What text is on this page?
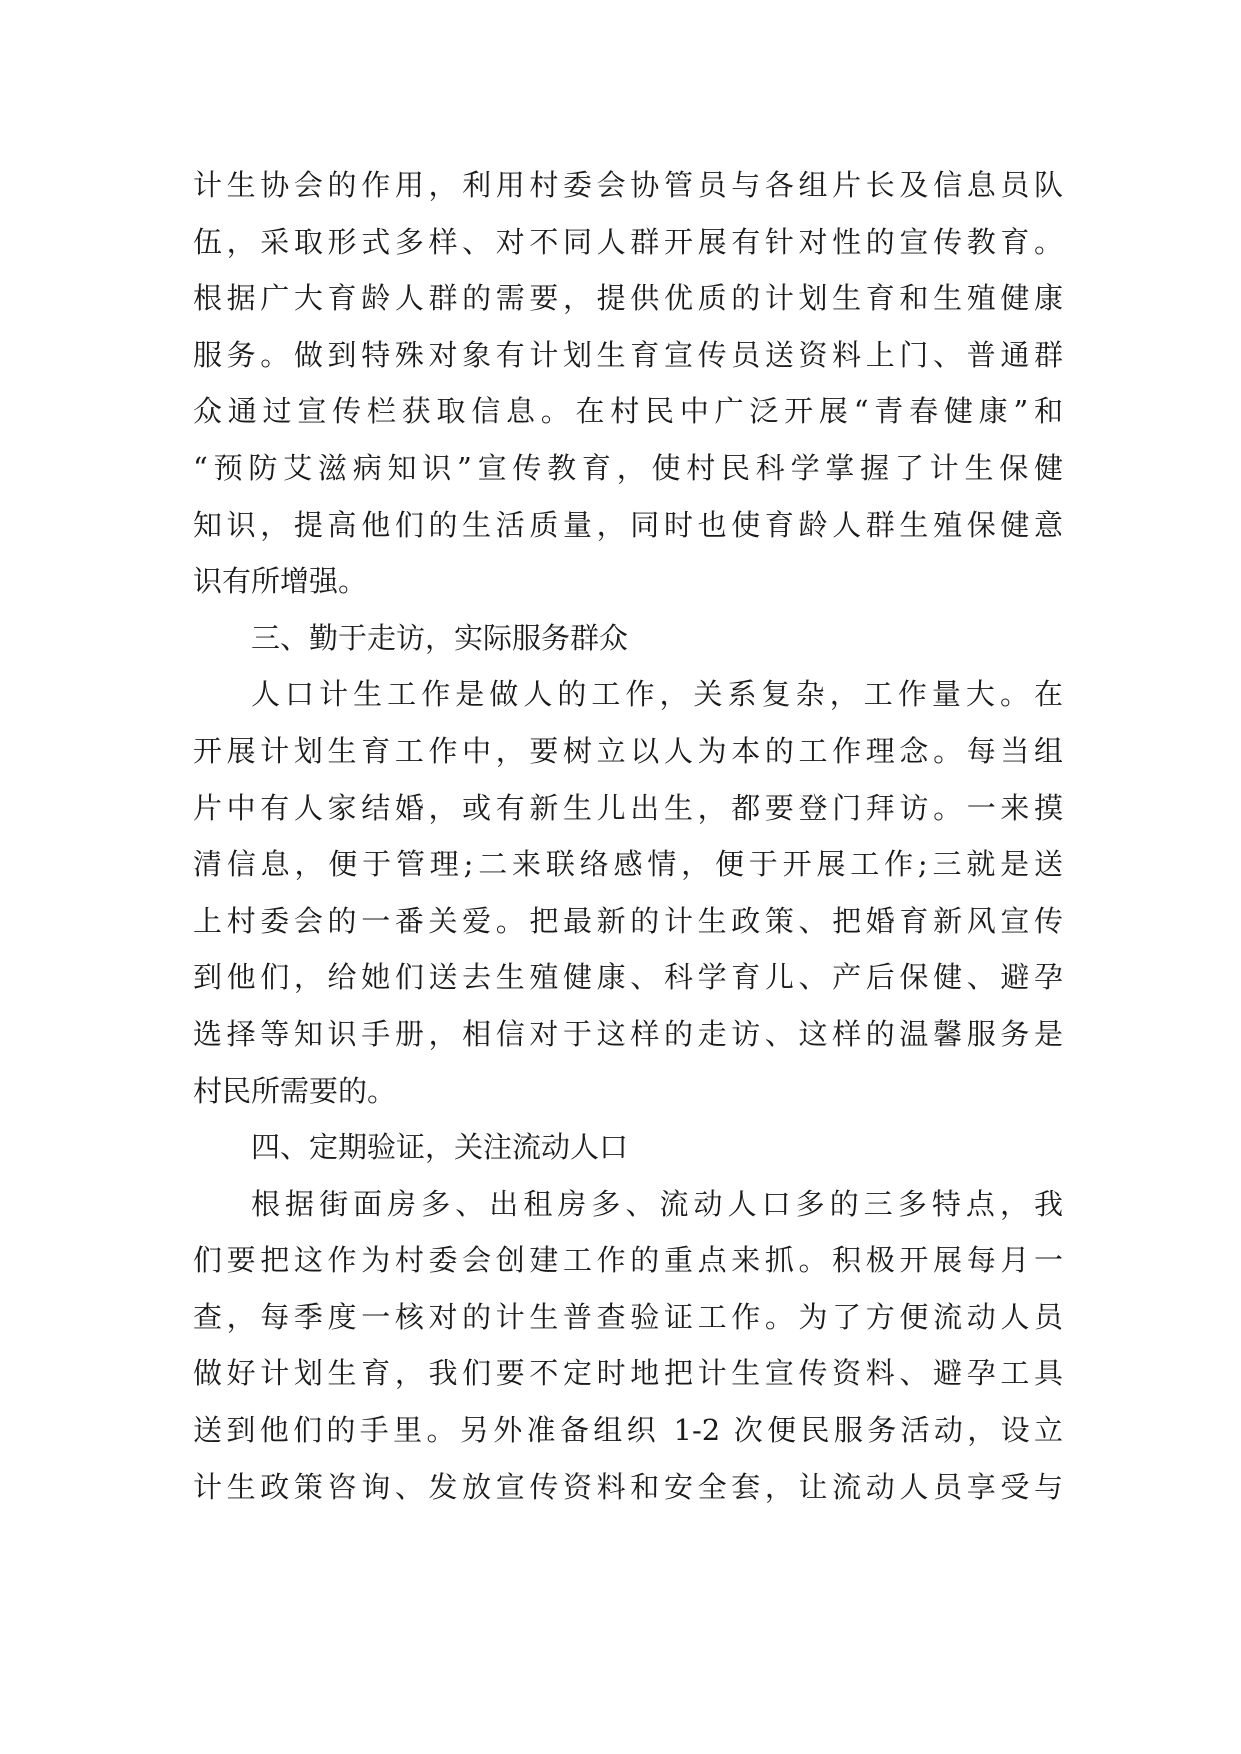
计生协会的作用，利用村委会协管员与各组片长及信息员队
伍，采取形式多样、对不同人群开展有针对性的宣传教育。
根据广大育龄人群的需要，提供优质的计划生育和生殖健康
服务。做到特殊对象有计划生育宣传员送资料上门、普通群
众通过宣传栏获取信息。在村民中广泛开展“青春健康”和
“预防艾滋病知识”宣传教育，使村民科学掌握了计生保健
知识，提高他们的生活质量，同时也使育龄人群生殖保健意
识有所增强。
三、勤于走访，实际服务群众
人口计生工作是做人的工作，关系复杂，工作量大。在
开展计划生育工作中，要树立以人为本的工作理念。每当组
片中有人家结婚，或有新生儿出生，都要登门拜访。一来摸
清信息，便于管理;二来联络感情，便于开展工作;三就是送
上村委会的一番关爱。把最新的计生政策、把婚育新风宣传
到他们，给她们送去生殖健康、科学育儿、产后保健、避孕
选择等知识手册，相信对于这样的走访、这样的温馨服务是
村民所需要的。
四、定期验证，关注流动人口
根据街面房多、出租房多、流动人口多的三多特点，我
们要把这作为村委会创建工作的重点来抓。积极开展每月一
查，每季度一核对的计生普查验证工作。为了方便流动人员
做好计划生育，我们要不定时地把计生宣传资料、避孕工具
送到他们的手里。另外准备组织 1-2 次便民服务活动，设立
计生政策咨询、发放宣传资料和安全套，让流动人员享受与
